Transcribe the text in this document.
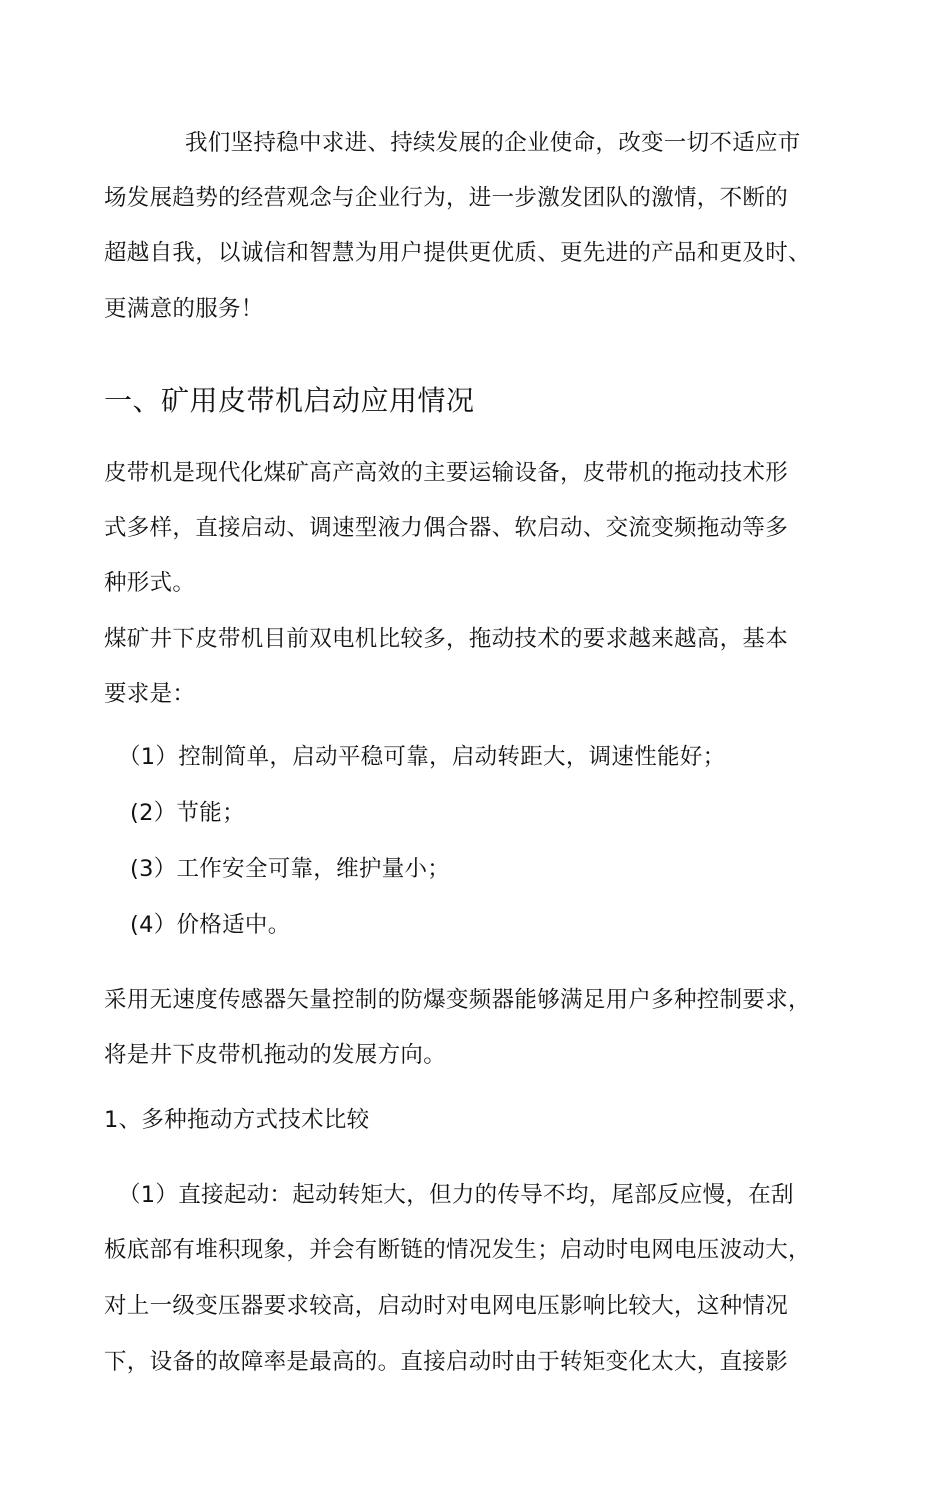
我们坚持稳中求进、持续发展的企业使命，改变一切不适应市
场发展趋势的经营观念与企业行为，进一步激发团队的激情，不断的
超越自我，以诚信和智慧为用户提供更优质、更先进的产品和更及时、
更满意的服务！
一、矿用皮带机启动应用情况
皮带机是现代化煤矿高产高效的主要运输设备，皮带机的拖动技术形
式多样，直接启动、调速型液力偶合器、软启动、交流变频拖动等多
种形式。
煤矿井下皮带机目前双电机比较多，拖动技术的要求越来越高，基本
要求是：
（1）控制简单，启动平稳可靠，启动转距大，调速性能好；
(2）节能；
(3）工作安全可靠，维护量小；
(4）价格适中。
采用无速度传感器矢量控制的防爆变频器能够满足用户多种控制要求，
将是井下皮带机拖动的发展方向。
1、多种拖动方式技术比较
（1）直接起动：起动转矩大，但力的传导不均，尾部反应慢，在刮
板底部有堆积现象，并会有断链的情况发生；启动时电网电压波动大，
对上一级变压器要求较高，启动时对电网电压影响比较大，这种情况
下，设备的故障率是最高的。直接启动时由于转矩变化太大，直接影
